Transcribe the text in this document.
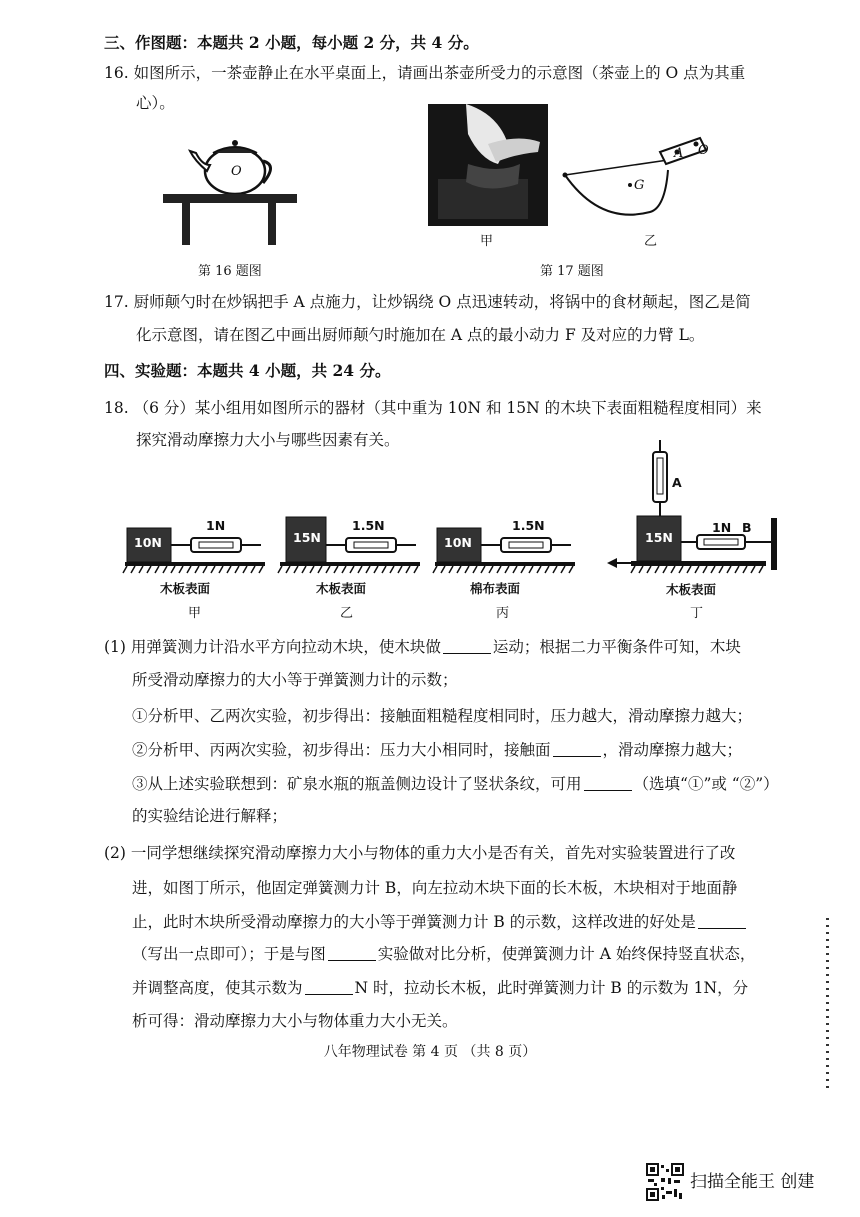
三、作图题：本题共 2 小题，每小题 2 分，共 4 分。
16. 如图所示，一茶壶静止在水平桌面上，请画出茶壶所受力的示意图（茶壶上的 O 点为其重
心）。
O
第 16 题图
甲
A O
G
乙
第 17 题图
17. 厨师颠勺时在炒锅把手 A 点施力，让炒锅绕 O 点迅速转动，将锅中的食材颠起，图乙是简
化示意图，请在图乙中画出厨师颠勺时施加在 A 点的最小动力 F 及对应的力臂 L。
四、实验题：本题共 4 小题，共 24 分。
18. （6 分）某小组用如图所示的器材（其中重为 10N 和 15N 的木块下表面粗糙程度相同）来
探究滑动摩擦力大小与哪些因素有关。
10N
1N
木板表面
甲
15N
1.5N
木板表面
乙
10N
1.5N
棉布表面
丙
A
15N
1N B
木板表面
丁
(1) 用弹簧测力计沿水平方向拉动木块，使木块做	运动；根据二力平衡条件可知，木块
所受滑动摩擦力的大小等于弹簧测力计的示数；
①分析甲、乙两次实验，初步得出：接触面粗糙程度相同时，压力越大，滑动摩擦力越大；
②分析甲、丙两次实验，初步得出：压力大小相同时，接触面	，滑动摩擦力越大；
③从上述实验联想到：矿泉水瓶的瓶盖侧边设计了竖状条纹，可用	（选填“①”或 “②”）
的实验结论进行解释；
(2) 一同学想继续探究滑动摩擦力大小与物体的重力大小是否有关，首先对实验装置进行了改
进，如图丁所示，他固定弹簧测力计 B，向左拉动木块下面的长木板，木块相对于地面静
止，此时木块所受滑动摩擦力的大小等于弹簧测力计 B 的示数，这样改进的好处是
（写出一点即可）；于是与图	实验做对比分析，使弹簧测力计 A 始终保持竖直状态，
并调整高度，使其示数为	N 时，拉动长木板，此时弹簧测力计 B 的示数为 1N，分
析可得：滑动摩擦力大小与物体重力大小无关。
八年物理试卷 第 4 页 （共 8 页）
扫描全能王 创建
